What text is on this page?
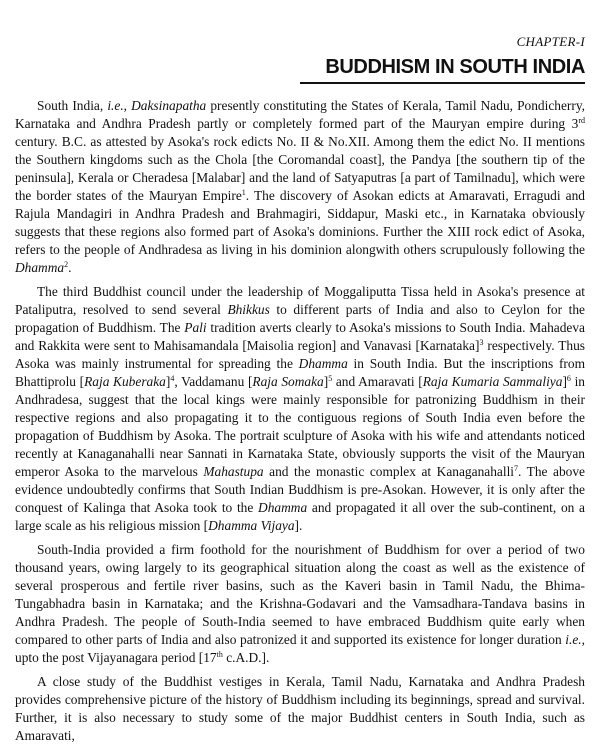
CHAPTER-I
BUDDHISM IN SOUTH INDIA

South India, i.e., Daksinapatha presently constituting the States of Kerala, Tamil Nadu, Pondicherry, Karnataka and Andhra Pradesh partly or completely formed part of the Mauryan empire during 3rd century. B.C. as attested by Asoka's rock edicts No. II & No.XII. Among them the edict No. II mentions the Southern kingdoms such as the Chola [the Coromandal coast], the Pandya [the southern tip of the peninsula], Kerala or Cheradesa [Malabar] and the land of Satyaputras [a part of Tamilnadu], which were the border states of the Mauryan Empire$^1$. The discovery of Asokan edicts at Amaravati, Erragudi and Rajula Mandagiri in Andhra Pradesh and Brahmagiri, Siddapur, Maski etc., in Karnataka obviously suggests that these regions also formed part of Asoka's dominions. Further the XIII rock edict of Asoka, refers to the people of Andhradesa as living in his dominion alongwith others scrupulously following the Dhamma$^2$.

The third Buddhist council under the leadership of Moggaliputta Tissa held in Asoka's presence at Pataliputra, resolved to send several Bhikkus to different parts of India and also to Ceylon for the propagation of Buddhism. The Pali tradition averts clearly to Asoka's missions to South India. Mahadeva and Rakkita were sent to Mahisamandala [Maisolia region] and Vanavasi [Karnataka]$^3$ respectively. Thus Asoka was mainly instrumental for spreading the Dhamma in South India. But the inscriptions from Bhattiprolu [Raja Kuberaka]$^4$, Vaddamanu [Raja Somaka]$^5$ and Amaravati [Raja Kumaria Sammaliya]$^6$ in Andhradesa, suggest that the local kings were mainly responsible for patronizing Buddhism in their respective regions and also propagating it to the contiguous regions of South India even before the propagation of Buddhism by Asoka. The portrait sculpture of Asoka with his wife and attendants noticed recently at Kanaganahalli near Sannati in Karnataka State, obviously supports the visit of the Mauryan emperor Asoka to the marvelous Mahastupa and the monastic complex at Kanaganahalli$^7$. The above evidence undoubtedly confirms that South Indian Buddhism is pre-Asokan. However, it is only after the conquest of Kalinga that Asoka took to the Dhamma and propagated it all over the sub-continent, on a large scale as his religious mission [Dhamma Vijaya].

South-India provided a firm foothold for the nourishment of Buddhism for over a period of two thousand years, owing largely to its geographical situation along the coast as well as the existence of several prosperous and fertile river basins, such as the Kaveri basin in Tamil Nadu, the Bhima- Tungabhadra basin in Karnataka; and the Krishna-Godavari and the Vamsadhara-Tandava basins in Andhra Pradesh. The people of South-India seemed to have embraced Buddhism quite early when compared to other parts of India and also patronized it and supported its existence for longer duration i.e., upto the post Vijayanagara period [17th c.A.D.].

A close study of the Buddhist vestiges in Kerala, Tamil Nadu, Karnataka and Andhra Pradesh provides comprehensive picture of the history of Buddhism including its beginnings, spread and survival. Further, it is also necessary to study some of the major Buddhist centers in South India, such as Amaravati,
